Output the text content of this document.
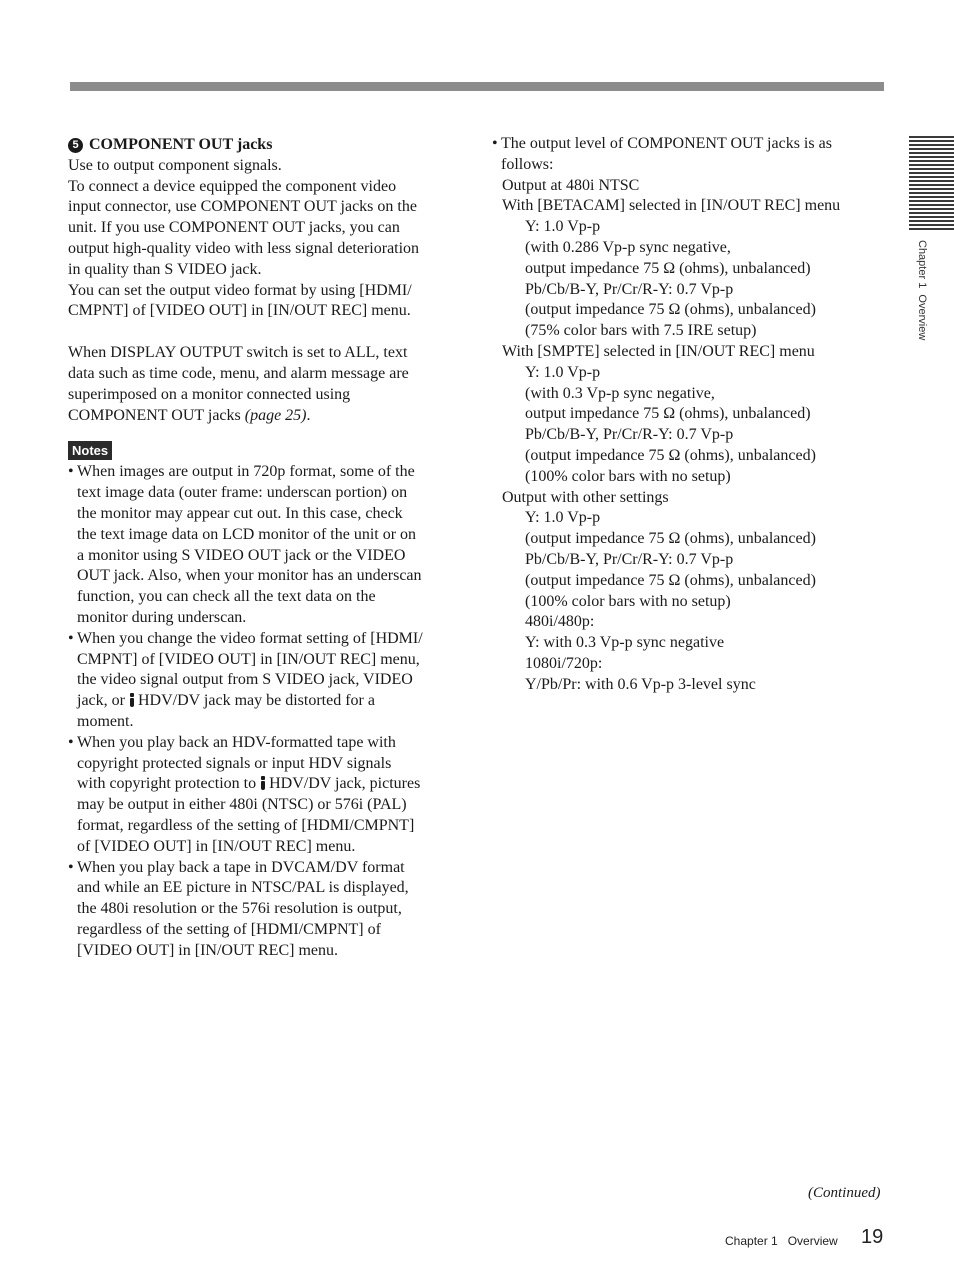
Chapter 1  Overview

5 COMPONENT OUT jacks

Use to output component signals.

To connect a device equipped the component video

input connector, use COMPONENT OUT jacks on the

unit. If you use COMPONENT OUT jacks, you can

output high-quality video with less signal deterioration

in quality than S VIDEO jack.

You can set the output video format by using [HDMI/

CMPNT] of [VIDEO OUT] in [IN/OUT REC] menu.

When DISPLAY OUTPUT switch is set to ALL, text

data such as time code, menu, and alarm message are

superimposed on a monitor connected using

COMPONENT OUT jacks (page 25).

Notes
• When images are output in 720p format, some of the

text image data (outer frame: underscan portion) on

the monitor may appear cut out. In this case, check

the text image data on LCD monitor of the unit or on

a monitor using S VIDEO OUT jack or the VIDEO

OUT jack. Also, when your monitor has an underscan

function, you can check all the text data on the

monitor during underscan.

• When you change the video format setting of [HDMI/

CMPNT] of [VIDEO OUT] in [IN/OUT REC] menu,

the video signal output from S VIDEO jack, VIDEO

jack, or HDV/DV jack may be distorted for a

moment.

• When you play back an HDV-formatted tape with

copyright protected signals or input HDV signals

with copyright protection to HDV/DV jack, pictures

may be output in either 480i (NTSC) or 576i (PAL)

format, regardless of the setting of [HDMI/CMPNT]

of [VIDEO OUT] in [IN/OUT REC] menu.

• When you play back a tape in DVCAM/DV format

and while an EE picture in NTSC/PAL is displayed,

the 480i resolution or the 576i resolution is output,

regardless of the setting of [HDMI/CMPNT] of

[VIDEO OUT] in [IN/OUT REC] menu.

• The output level of COMPONENT OUT jacks is as

follows:

Output at 480i NTSC

With [BETACAM] selected in [IN/OUT REC] menu

Y: 1.0 Vp-p

(with 0.286 Vp-p sync negative,

output impedance 75 Ω (ohms), unbalanced)

Pb/Cb/B-Y, Pr/Cr/R-Y: 0.7 Vp-p

(output impedance 75 Ω (ohms), unbalanced)

(75% color bars with 7.5 IRE setup)

With [SMPTE] selected in [IN/OUT REC] menu

Y: 1.0 Vp-p

(with 0.3 Vp-p sync negative,

output impedance 75 Ω (ohms), unbalanced)

Pb/Cb/B-Y, Pr/Cr/R-Y: 0.7 Vp-p

(output impedance 75 Ω (ohms), unbalanced)

(100% color bars with no setup)

Output with other settings

Y: 1.0 Vp-p

(output impedance 75 Ω (ohms), unbalanced)

Pb/Cb/B-Y, Pr/Cr/R-Y: 0.7 Vp-p

(output impedance 75 Ω (ohms), unbalanced)

(100% color bars with no setup)

480i/480p:

Y: with 0.3 Vp-p sync negative

1080i/720p:

Y/Pb/Pr: with 0.6 Vp-p 3-level sync

(Continued)
Chapter 1   Overview 19
